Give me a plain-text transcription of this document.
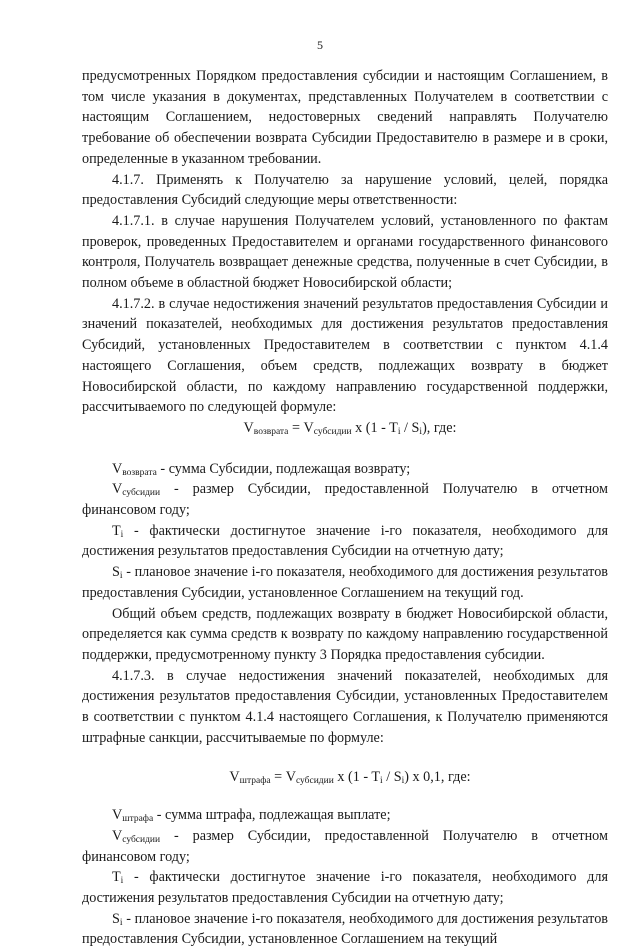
5

предусмотренных Порядком предоставления субсидии и настоящим Соглашением, в том числе указания в документах, представленных Получателем в соответствии с настоящим Соглашением, недостоверных сведений направлять Получателю требование об обеспечении возврата Субсидии Предоставителю в размере и в сроки, определенные в указанном требовании.

4.1.7. Применять к Получателю за нарушение условий, целей, порядка предоставления Субсидий следующие меры ответственности:

4.1.7.1. в случае нарушения Получателем условий, установленного по фактам проверок, проведенных Предоставителем и органами государственного финансового контроля, Получатель возвращает денежные средства, полученные в счет Субсидии, в полном объеме в областной бюджет Новосибирской области;

4.1.7.2. в случае недостижения значений результатов предоставления Субсидии и значений показателей, необходимых для достижения результатов предоставления Субсидий, установленных Предоставителем в соответствии с пунктом 4.1.4 настоящего Соглашения, объем средств, подлежащих возврату в бюджет Новосибирской области, по каждому направлению государственной поддержки, рассчитываемого по следующей формуле:

$V_{возврата} = V_{субсидии}$ x $(1 - T_i / S_i)$, где:

$V_{возврата}$ - сумма Субсидии, подлежащая возврату;

$V_{субсидии}$ - размер Субсидии, предоставленной Получателю в отчетном финансовом году;

$T_i$ - фактически достигнутое значение i-го показателя, необходимого для достижения результатов предоставления Субсидии на отчетную дату;

$S_i$ - плановое значение i-го показателя, необходимого для достижения результатов предоставления Субсидии, установленное Соглашением на текущий год.

Общий объем средств, подлежащих возврату в бюджет Новосибирской области, определяется как сумма средств к возврату по каждому направлению государственной поддержки, предусмотренному пункту 3 Порядка предоставления субсидии.

4.1.7.3. в случае недостижения значений показателей, необходимых для достижения результатов предоставления Субсидии, установленных Предоставителем в соответствии с пунктом 4.1.4 настоящего Соглашения, к Получателю применяются штрафные санкции, рассчитываемые по формуле:

$V_{штрафа} = V_{субсидии}$ x $(1 - T_i / S_i)$ x 0,1, где:

$V_{штрафа}$ - сумма штрафа, подлежащая выплате;

$V_{субсидии}$ - размер Субсидии, предоставленной Получателю в отчетном финансовом году;

$T_i$ - фактически достигнутое значение i-го показателя, необходимого для достижения результатов предоставления Субсидии на отчетную дату;

$S_i$ - плановое значение i-го показателя, необходимого для достижения результатов предоставления Субсидии, установленное Соглашением на текущий
